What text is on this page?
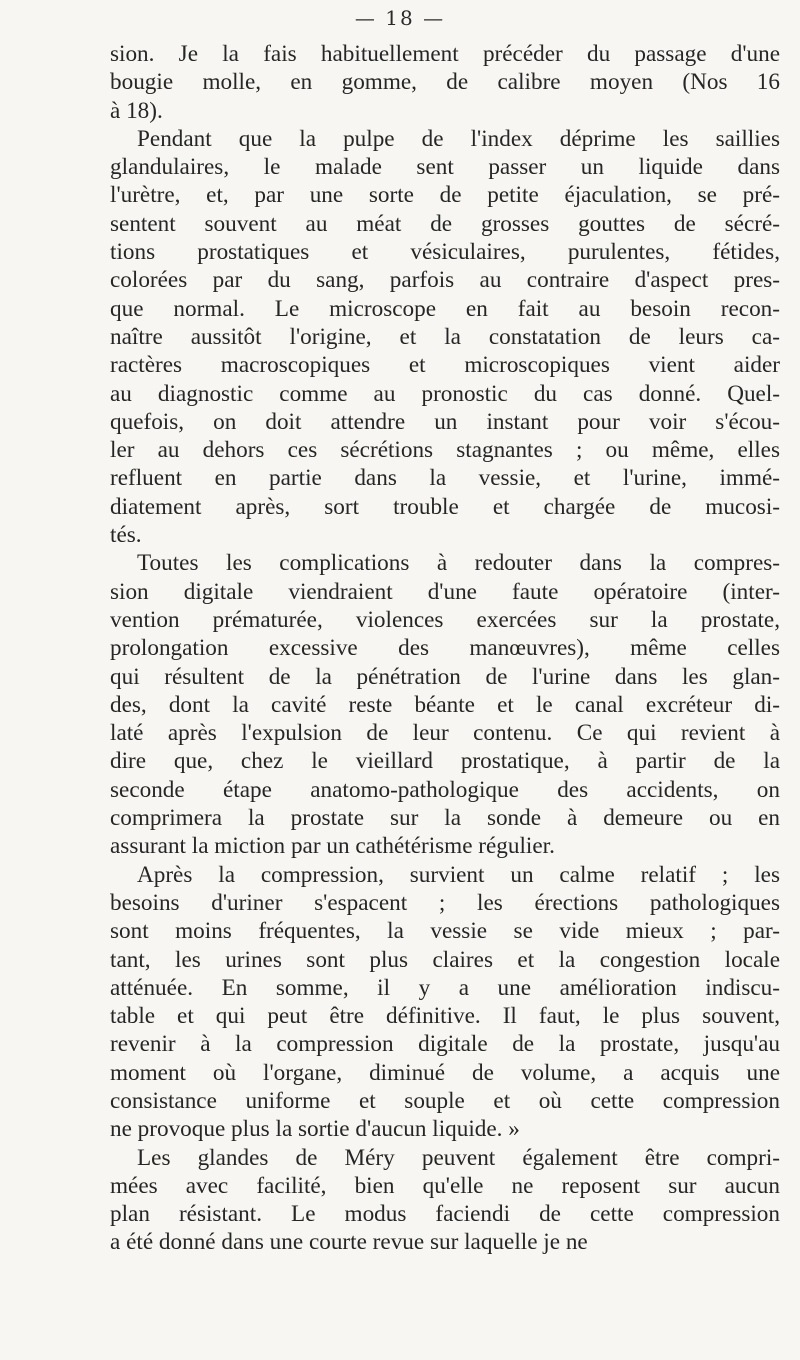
— 18 —
sion. Je la fais habituellement précéder du passage d'une
bougie molle, en gomme, de calibre moyen (Nos 16
à 18).
Pendant que la pulpe de l'index déprime les saillies
glandulaires, le malade sent passer un liquide dans
l'urètre, et, par une sorte de petite éjaculation, se pré-
sentent souvent au méat de grosses gouttes de sécré-
tions prostatiques et vésiculaires, purulentes, fétides,
colorées par du sang, parfois au contraire d'aspect pres-
que normal. Le microscope en fait au besoin recon-
naître aussitôt l'origine, et la constatation de leurs ca-
ractères macroscopiques et microscopiques vient aider
au diagnostic comme au pronostic du cas donné. Quel-
quefois, on doit attendre un instant pour voir s'écou-
ler au dehors ces sécrétions stagnantes ; ou même, elles
refluent en partie dans la vessie, et l'urine, immé-
diatement après, sort trouble et chargée de mucosi-
tés.
Toutes les complications à redouter dans la compres-
sion digitale viendraient d'une faute opératoire (inter-
vention prématurée, violences exercées sur la prostate,
prolongation excessive des manœuvres), même celles
qui résultent de la pénétration de l'urine dans les glan-
des, dont la cavité reste béante et le canal excréteur di-
laté après l'expulsion de leur contenu. Ce qui revient à
dire que, chez le vieillard prostatique, à partir de la
seconde étape anatomo-pathologique des accidents, on
comprimera la prostate sur la sonde à demeure ou en
assurant la miction par un cathétérisme régulier.
Après la compression, survient un calme relatif ; les
besoins d'uriner s'espacent ; les érections pathologiques
sont moins fréquentes, la vessie se vide mieux ; par-
tant, les urines sont plus claires et la congestion locale
atténuée. En somme, il y a une amélioration indiscu-
table et qui peut être définitive. Il faut, le plus souvent,
revenir à la compression digitale de la prostate, jusqu'au
moment où l'organe, diminué de volume, a acquis une
consistance uniforme et souple et où cette compression
ne provoque plus la sortie d'aucun liquide. »
Les glandes de Méry peuvent également être compri-
mées avec facilité, bien qu'elle ne reposent sur aucun
plan résistant. Le modus faciendi de cette compression
a été donné dans une courte revue sur laquelle je ne
